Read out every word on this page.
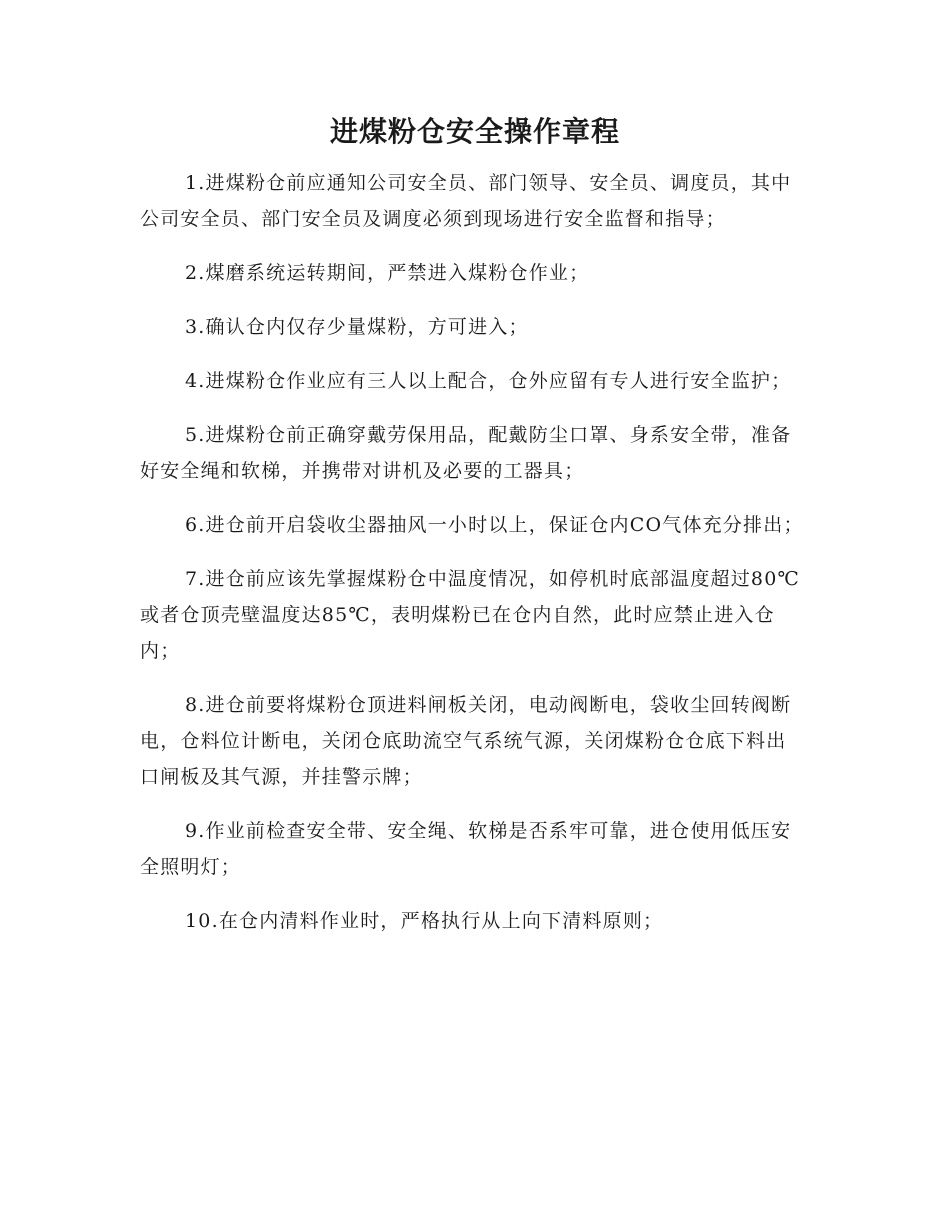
进煤粉仓安全操作章程

1.进煤粉仓前应通知公司安全员、部门领导、安全员、调度员，其中公司安全员、部门安全员及调度必须到现场进行安全监督和指导；

2.煤磨系统运转期间，严禁进入煤粉仓作业；

3.确认仓内仅存少量煤粉，方可进入；

4.进煤粉仓作业应有三人以上配合，仓外应留有专人进行安全监护；

5.进煤粉仓前正确穿戴劳保用品，配戴防尘口罩、身系安全带，准备好安全绳和软梯，并携带对讲机及必要的工器具；

6.进仓前开启袋收尘器抽风一小时以上，保证仓内CO气体充分排出；

7.进仓前应该先掌握煤粉仓中温度情况，如停机时底部温度超过80℃或者仓顶壳壁温度达85℃，表明煤粉已在仓内自然，此时应禁止进入仓内；

8.进仓前要将煤粉仓顶进料闸板关闭，电动阀断电，袋收尘回转阀断电，仓料位计断电，关闭仓底助流空气系统气源，关闭煤粉仓仓底下料出口闸板及其气源，并挂警示牌；

9.作业前检查安全带、安全绳、软梯是否系牢可靠，进仓使用低压安全照明灯；

10.在仓内清料作业时，严格执行从上向下清料原则；
